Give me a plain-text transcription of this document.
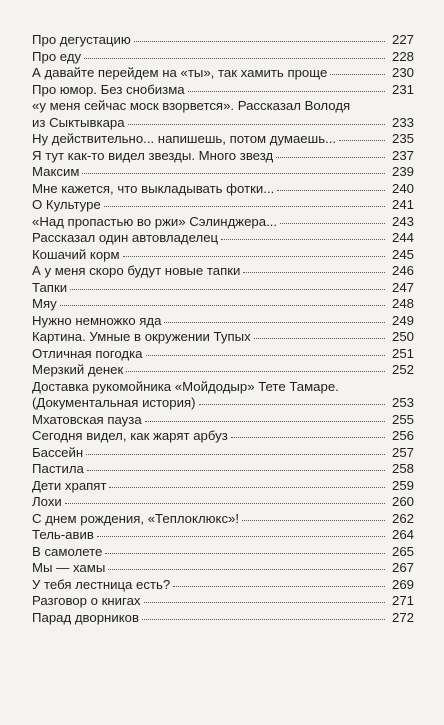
Про дегустацию	227
Про еду	228
А давайте перейдем на «ты», так хамить проще	230
Про юмор. Без снобизма	231
«у меня сейчас моск взорвется». Рассказал Володя
из Сыктывкара	233
Ну действительно... напишешь, потом думаешь...	235
Я тут как-то видел звезды. Много звезд	237
Максим	239
Мне кажется, что выкладывать фотки...	240
О Культуре	241
«Над пропастью во ржи» Сэлинджера...	243
Рассказал один автовладелец	244
Кошачий корм	245
А у меня скоро будут новые тапки	246
Тапки	247
Мяу	248
Нужно немножко яда	249
Картина. Умные в окружении Тупых	250
Отличная погодка	251
Мерзкий денек	252
Доставка рукомойника «Мойдодыр» Тете Тамаре.
(Документальная история)	253
Мхатовская пауза	255
Сегодня видел, как жарят арбуз	256
Бассейн	257
Пастила	258
Дети храпят	259
Лохи	260
С днем рождения, «Теплоклюкс»!	262
Тель-авив	264
В самолете	265
Мы — хамы	267
У тебя лестница есть?	269
Разговор о книгах	271
Парад дворников	272
